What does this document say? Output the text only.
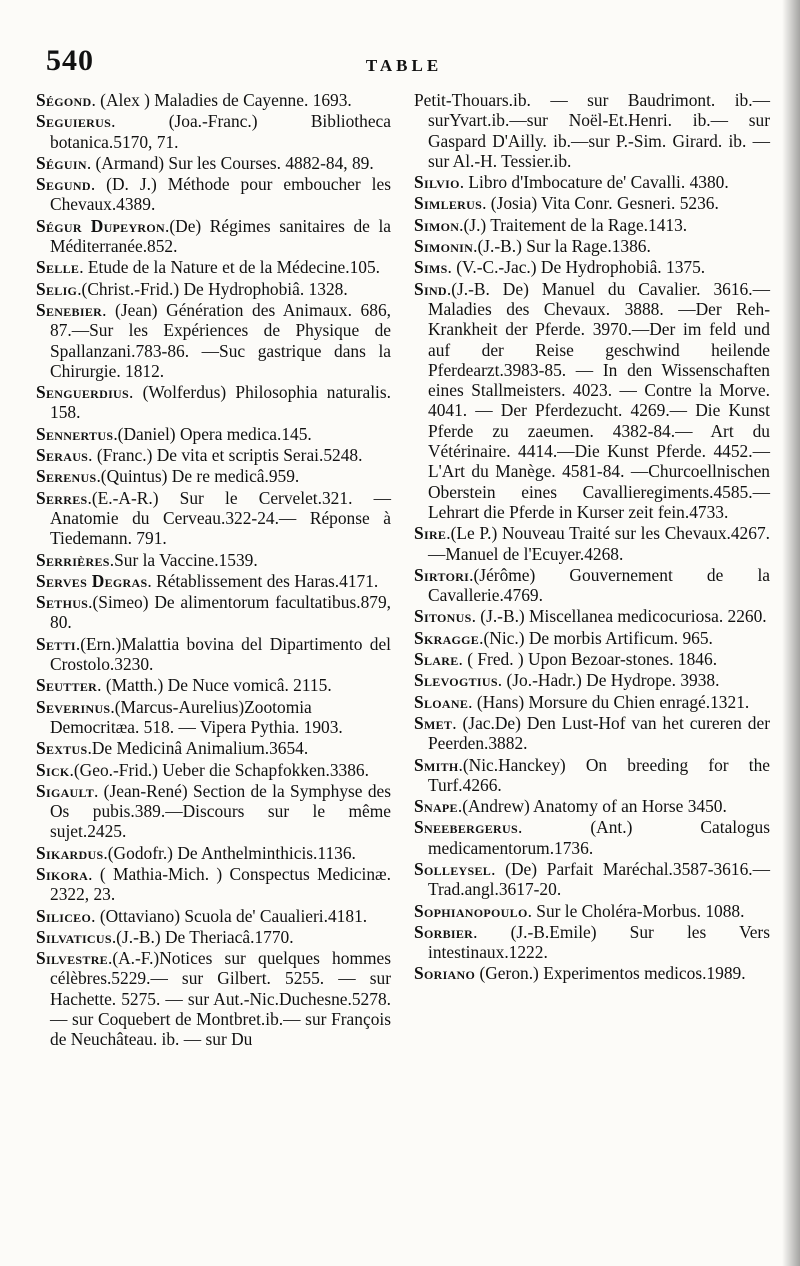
540	TABLE

Ségond. (Alex ) Maladies de Cayenne. 1693.

Seguierus. (Joa.-Franc.) Bibliotheca botanica.5170, 71.

Séguin. (Armand) Sur les Courses. 4882-84, 89.

Segund. (D. J.) Méthode pour emboucher les Chevaux.4389.

Ségur Dupeyron.(De) Régimes sanitaires de la Méditerranée.852.

Selle. Etude de la Nature et de la Médecine.105.

Selig.(Christ.-Frid.) De Hydrophobiâ. 1328.

Senebier. (Jean) Génération des Animaux. 686, 87.—Sur les Expériences de Physique de Spallanzani.783-86. —Suc gastrique dans la Chirurgie. 1812.

Senguerdius. (Wolferdus) Philosophia naturalis. 158.

Sennertus.(Daniel) Opera medica.145.

Seraus. (Franc.) De vita et scriptis Serai.5248.

Serenus.(Quintus) De re medicâ.959.

Serres.(E.-A-R.) Sur le Cervelet.321. — Anatomie du Cerveau.322-24.— Réponse à Tiedemann. 791.

Serrières.Sur la Vaccine.1539.

Serves Degras. Rétablissement des Haras.4171.

Sethus.(Simeo) De alimentorum facultatibus.879, 80.

Setti.(Ern.)Malattia bovina del Dipartimento del Crostolo.3230.

Seutter. (Matth.) De Nuce vomicâ. 2115.

Severinus.(Marcus-Aurelius)Zootomia Democritæa. 518. — Vipera Pythia. 1903.

Sextus.De Medicinâ Animalium.3654.

Sick.(Geo.-Frid.) Ueber die Schapfokken.3386.

Sigault. (Jean-René) Section de la Symphyse des Os pubis.389.—Discours sur le même sujet.2425.

Sikardus.(Godofr.) De Anthelminthicis.1136.

Sikora. ( Mathia-Mich. ) Conspectus Medicinæ. 2322, 23.

Siliceo. (Ottaviano) Scuola de' Caualieri.4181.

Silvaticus.(J.-B.) De Theriacâ.1770.

Silvestre.(A.-F.)Notices sur quelques hommes célèbres.5229.— sur Gilbert. 5255. — sur Hachette. 5275. — sur Aut.-Nic.Duchesne.5278.— sur Coquebert de Montbret.ib.— sur François de Neuchâteau. ib. — sur Du

Petit-Thouars.ib. — sur Baudrimont. ib.—surYvart.ib.—sur Noël-Et.Henri. ib.— sur Gaspard D'Ailly. ib.—sur P.-Sim. Girard. ib. — sur Al.-H. Tessier.ib.

Silvio. Libro d'Imbocature de' Cavalli. 4380.

Simlerus. (Josia) Vita Conr. Gesneri. 5236.

Simon.(J.) Traitement de la Rage.1413.

Simonin.(J.-B.) Sur la Rage.1386.

Sims. (V.-C.-Jac.) De Hydrophobiâ. 1375.

Sind.(J.-B. De) Manuel du Cavalier. 3616.—Maladies des Chevaux. 3888. —Der Reh-Krankheit der Pferde. 3970.—Der im feld und auf der Reise geschwind heilende Pferdearzt.3983-85. — In den Wissenschaften eines Stallmeisters. 4023. — Contre la Morve. 4041. — Der Pferdezucht. 4269.— Die Kunst Pferde zu zaeumen. 4382-84.— Art du Vétérinaire. 4414.—Die Kunst Pferde. 4452.— L'Art du Manège. 4581-84. —Churcoellnischen Oberstein eines Cavallieregiments.4585.—Lehrart die Pferde in Kurser zeit fein.4733.

Sire.(Le P.) Nouveau Traité sur les Chevaux.4267.—Manuel de l'Ecuyer.4268.

Sirtori.(Jérôme) Gouvernement de la Cavallerie.4769.

Sitonus. (J.-B.) Miscellanea medicocuriosa. 2260.

Skragge.(Nic.) De morbis Artificum. 965.

Slare. ( Fred. ) Upon Bezoar-stones. 1846.

Slevogtius. (Jo.-Hadr.) De Hydrope. 3938.

Sloane. (Hans) Morsure du Chien enragé.1321.

Smet. (Jac.De) Den Lust-Hof van het cureren der Peerden.3882.

Smith.(Nic.Hanckey) On breeding for the Turf.4266.

Snape.(Andrew) Anatomy of an Horse 3450.

Sneebergerus. (Ant.) Catalogus medicamentorum.1736.

Solleysel. (De) Parfait Maréchal.3587-3616.—Trad.angl.3617-20.

Sophianopoulo. Sur le Choléra-Morbus. 1088.

Sorbier. (J.-B.Emile) Sur les Vers intestinaux.1222.

Soriano (Geron.) Experimentos medicos.1989.
